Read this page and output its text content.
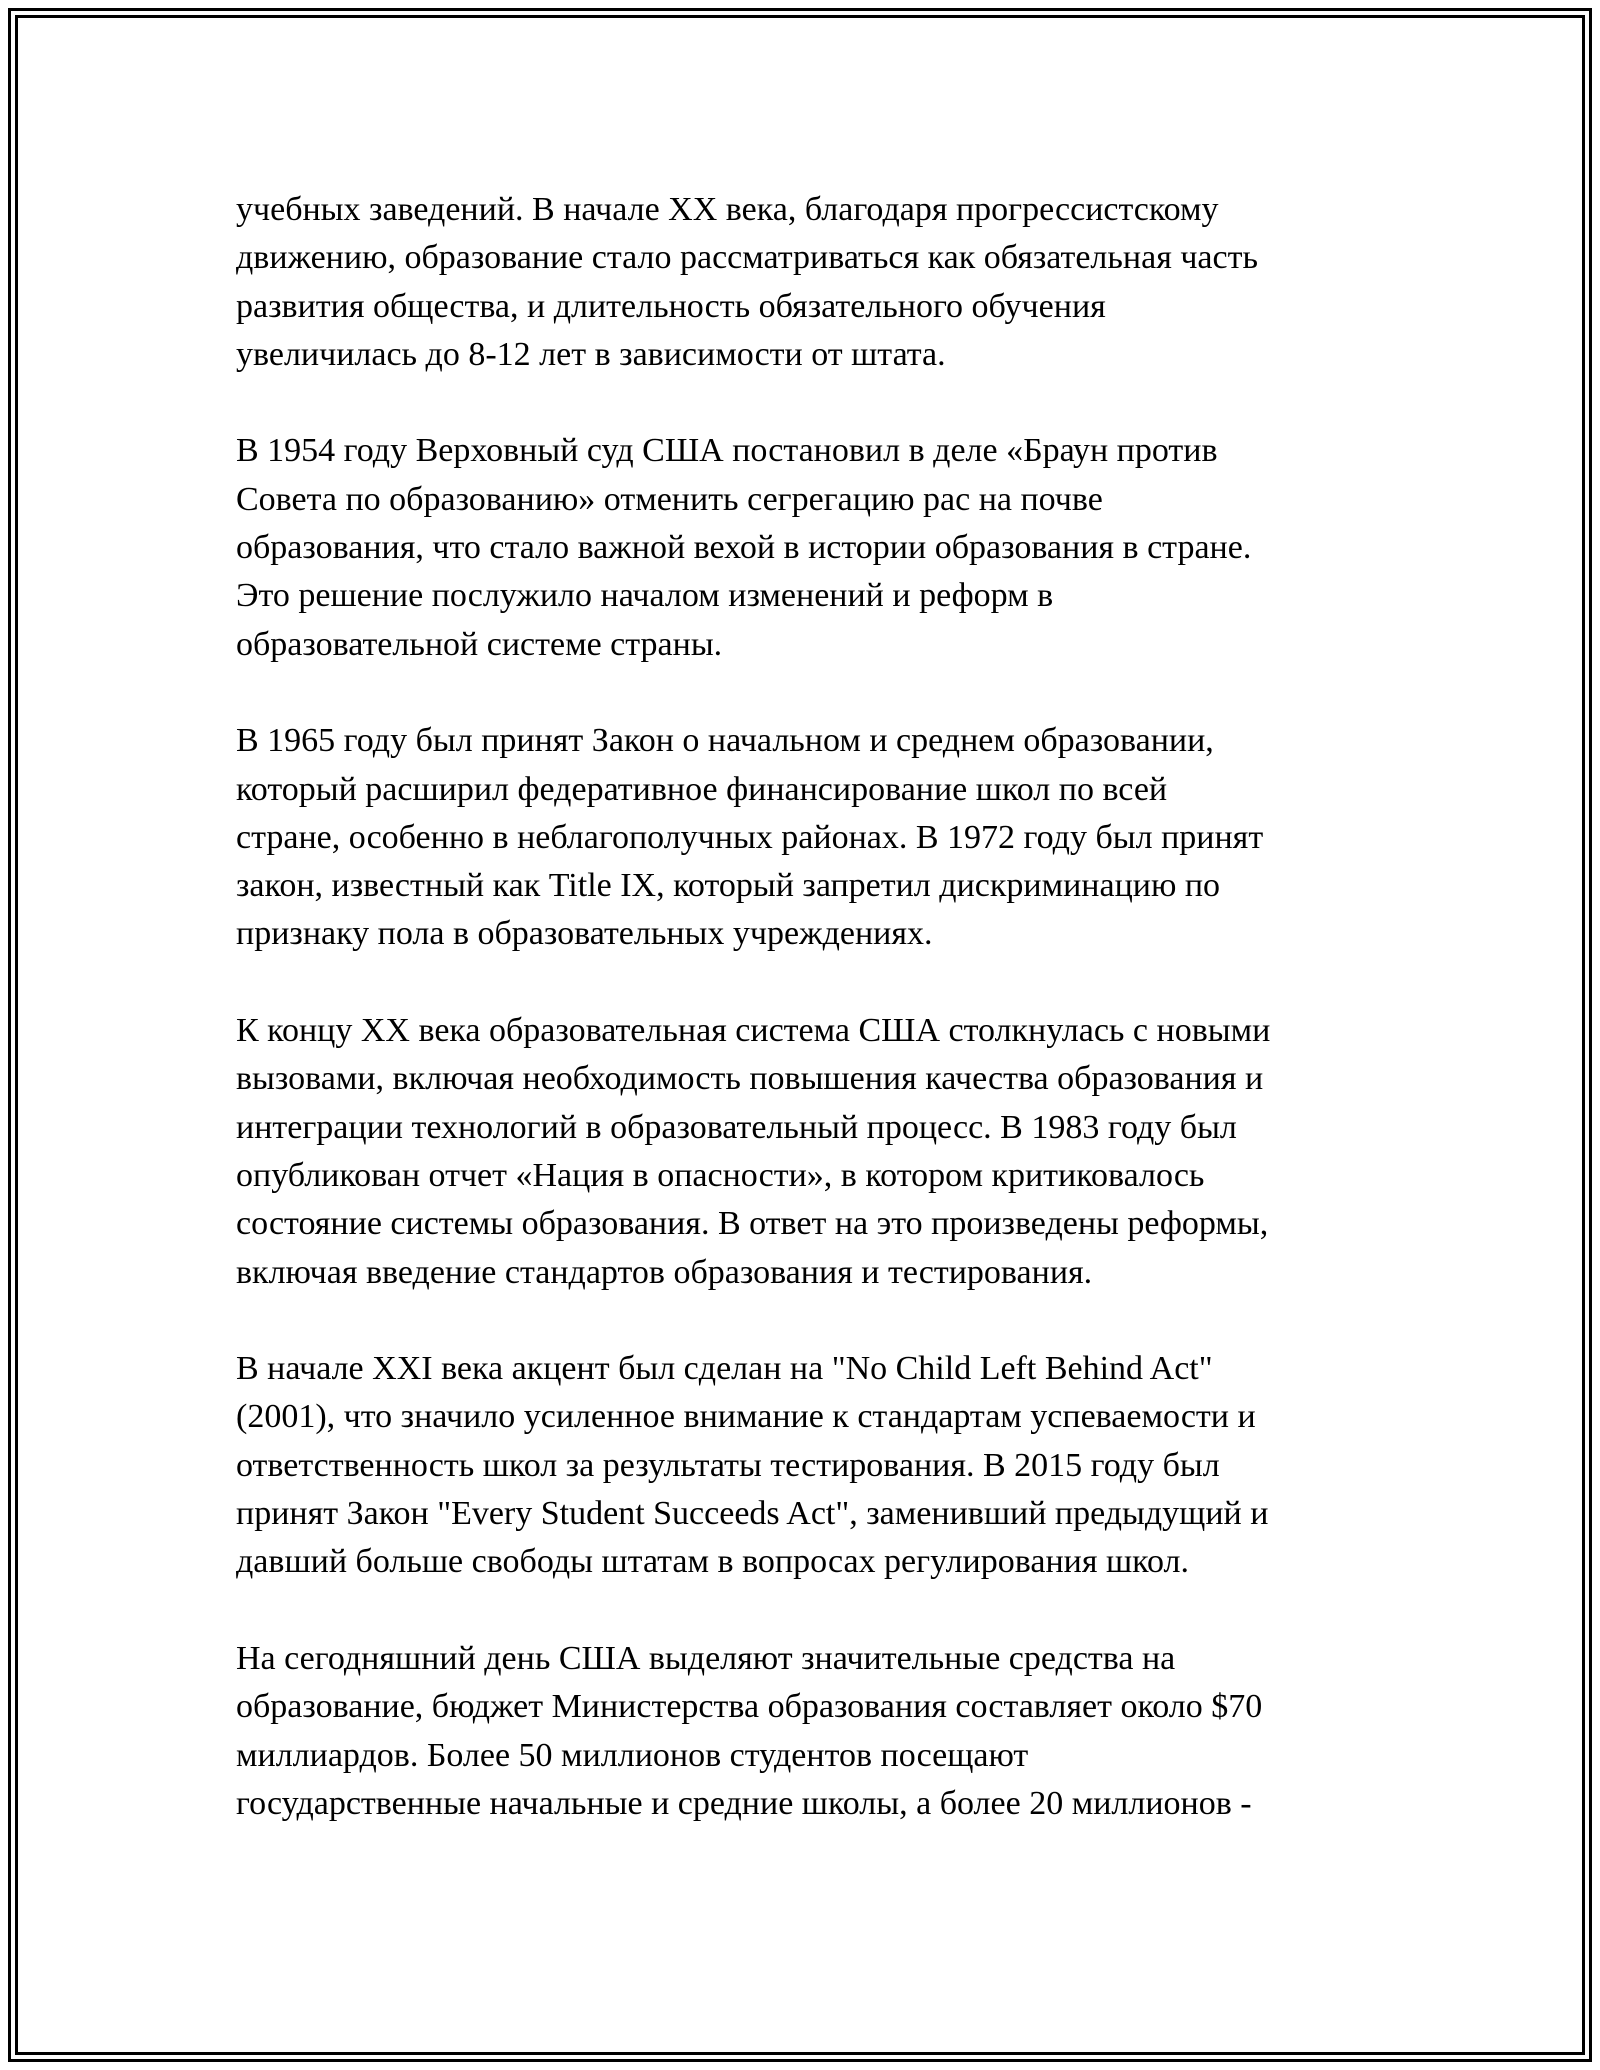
учебных заведений. В начале XX века, благодаря прогрессистскому
движению, образование стало рассматриваться как обязательная часть
развития общества, и длительность обязательного обучения
увеличилась до 8-12 лет в зависимости от штата.

В 1954 году Верховный суд США постановил в деле «Браун против
Совета по образованию» отменить сегрегацию рас на почве
образования, что стало важной вехой в истории образования в стране.
Это решение послужило началом изменений и реформ в
образовательной системе страны.

В 1965 году был принят Закон о начальном и среднем образовании,
который расширил федеративное финансирование школ по всей
стране, особенно в неблагополучных районах. В 1972 году был принят
закон, известный как Title IX, который запретил дискриминацию по
признаку пола в образовательных учреждениях.

К концу XX века образовательная система США столкнулась с новыми
вызовами, включая необходимость повышения качества образования и
интеграции технологий в образовательный процесс. В 1983 году был
опубликован отчет «Нация в опасности», в котором критиковалось
состояние системы образования. В ответ на это произведены реформы,
включая введение стандартов образования и тестирования.

В начале XXI века акцент был сделан на "No Child Left Behind Act"
(2001), что значило усиленное внимание к стандартам успеваемости и
ответственность школ за результаты тестирования. В 2015 году был
принят Закон "Every Student Succeeds Act", заменивший предыдущий и
давший больше свободы штатам в вопросах регулирования школ.

На сегодняшний день США выделяют значительные средства на
образование, бюджет Министерства образования составляет около $70
миллиардов. Более 50 миллионов студентов посещают
государственные начальные и средние школы, а более 20 миллионов -
